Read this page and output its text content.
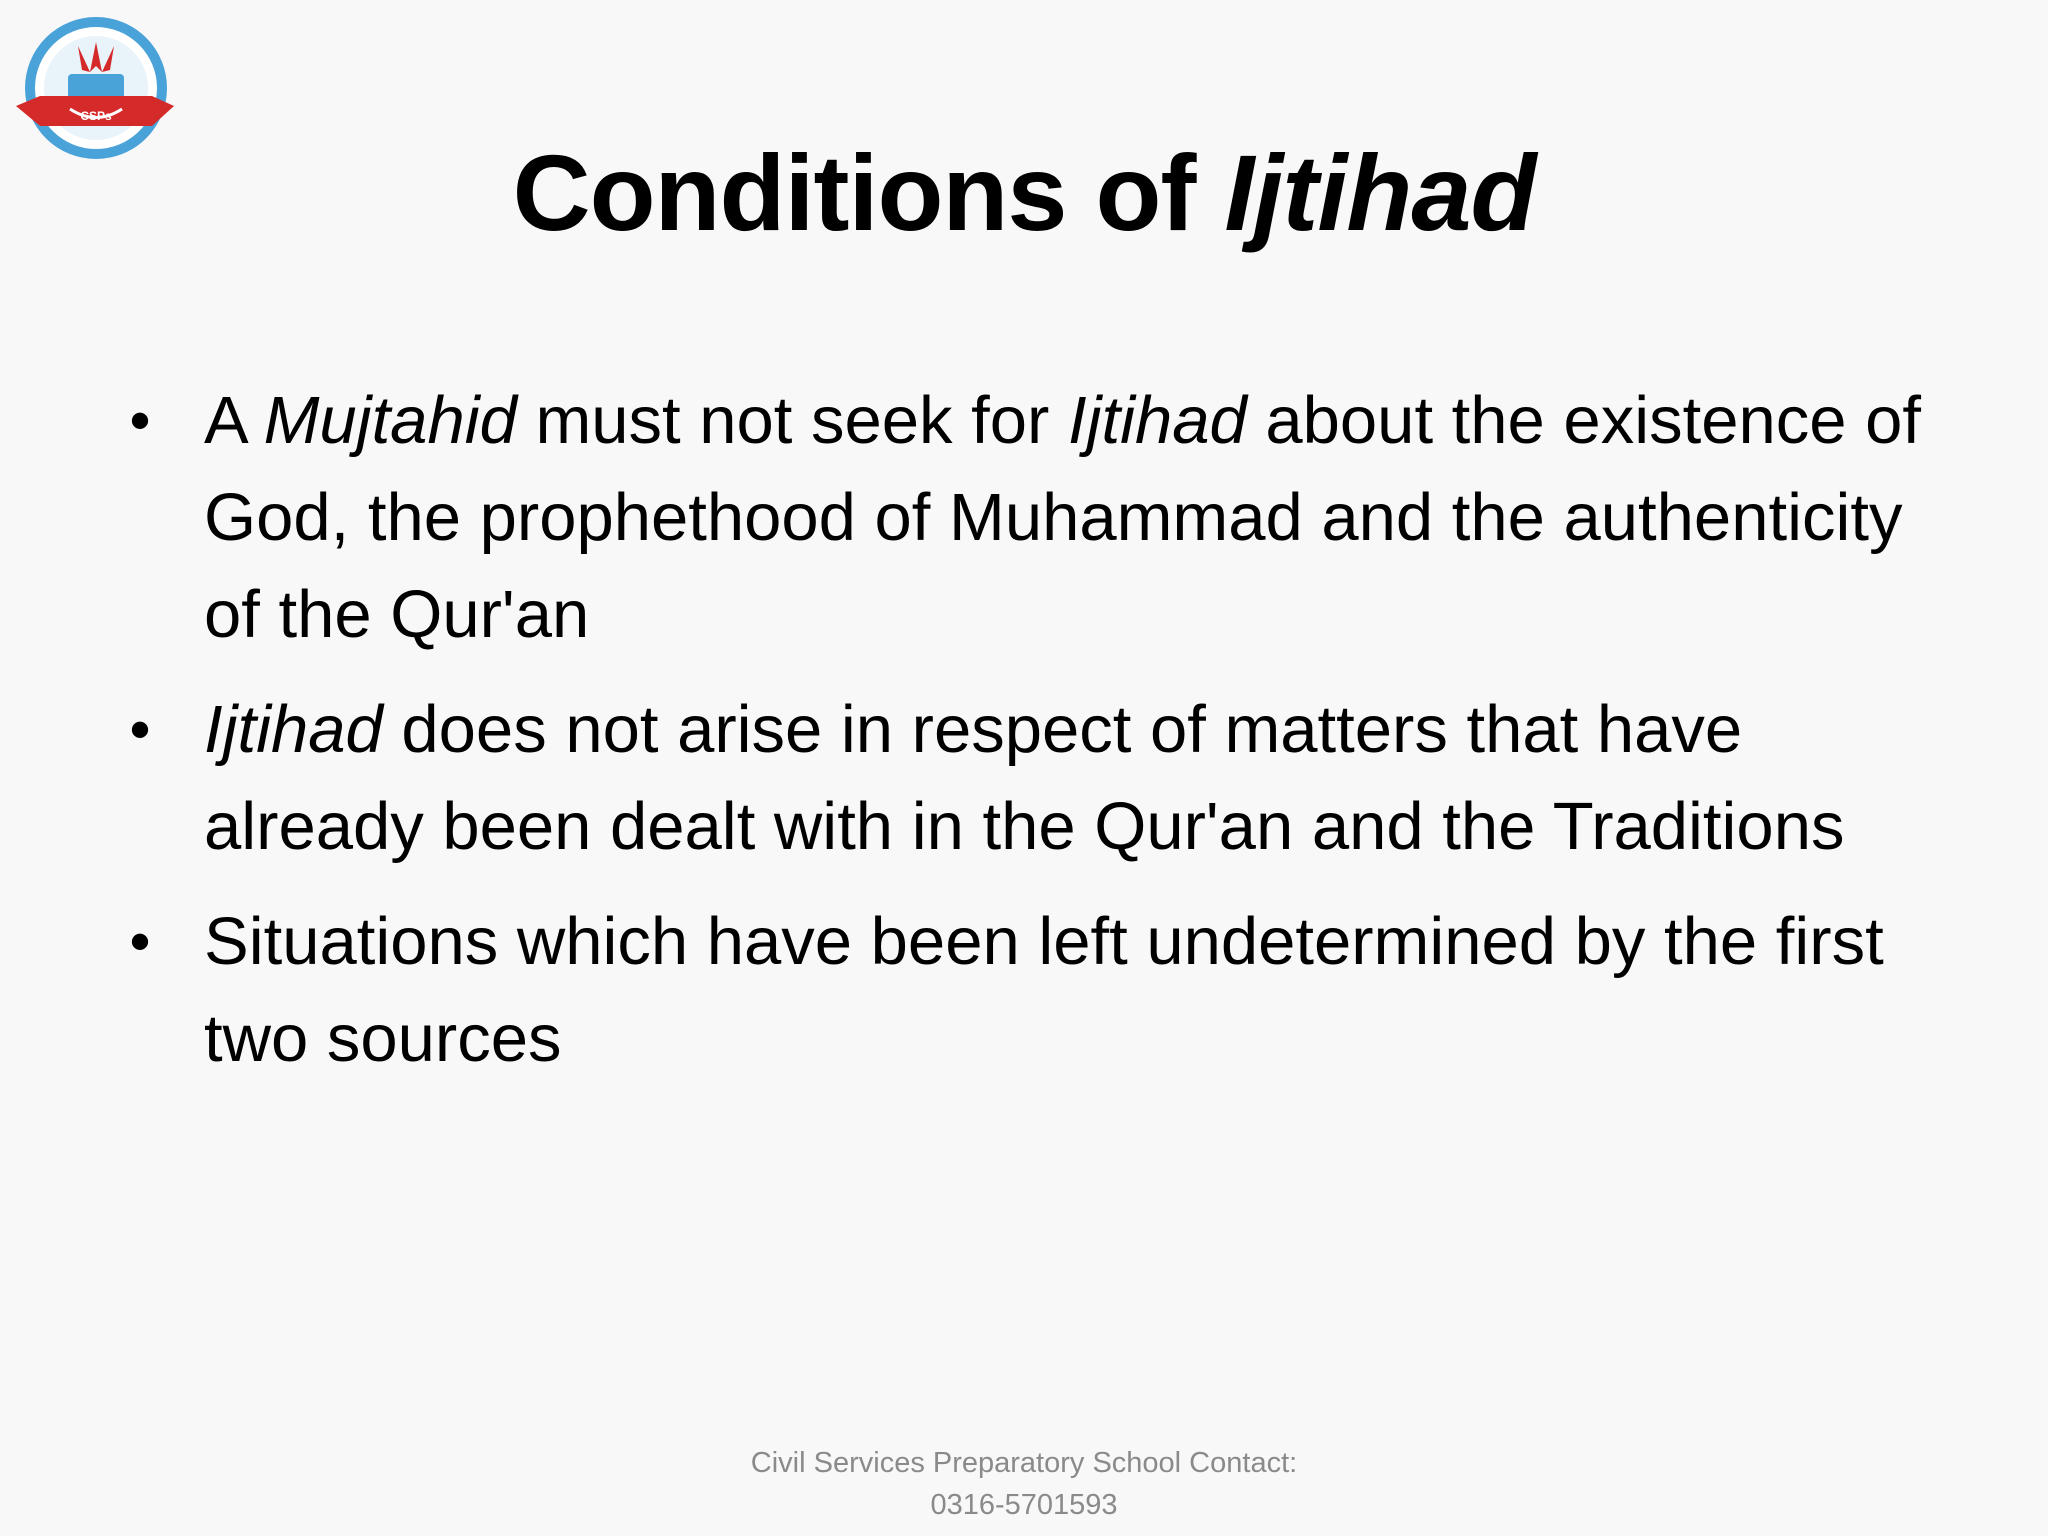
CSPs
Conditions of Ijtihad
• A Mujtahid must not seek for Ijtihad about the existence of God, the prophethood of Muhammad and the authenticity of the Qur'an
• Ijtihad does not arise in respect of matters that have already been dealt with in the Qur'an and the Traditions
• Situations which have been left undetermined by the first two sources
Civil Services Preparatory School Contact:
0316-5701593
